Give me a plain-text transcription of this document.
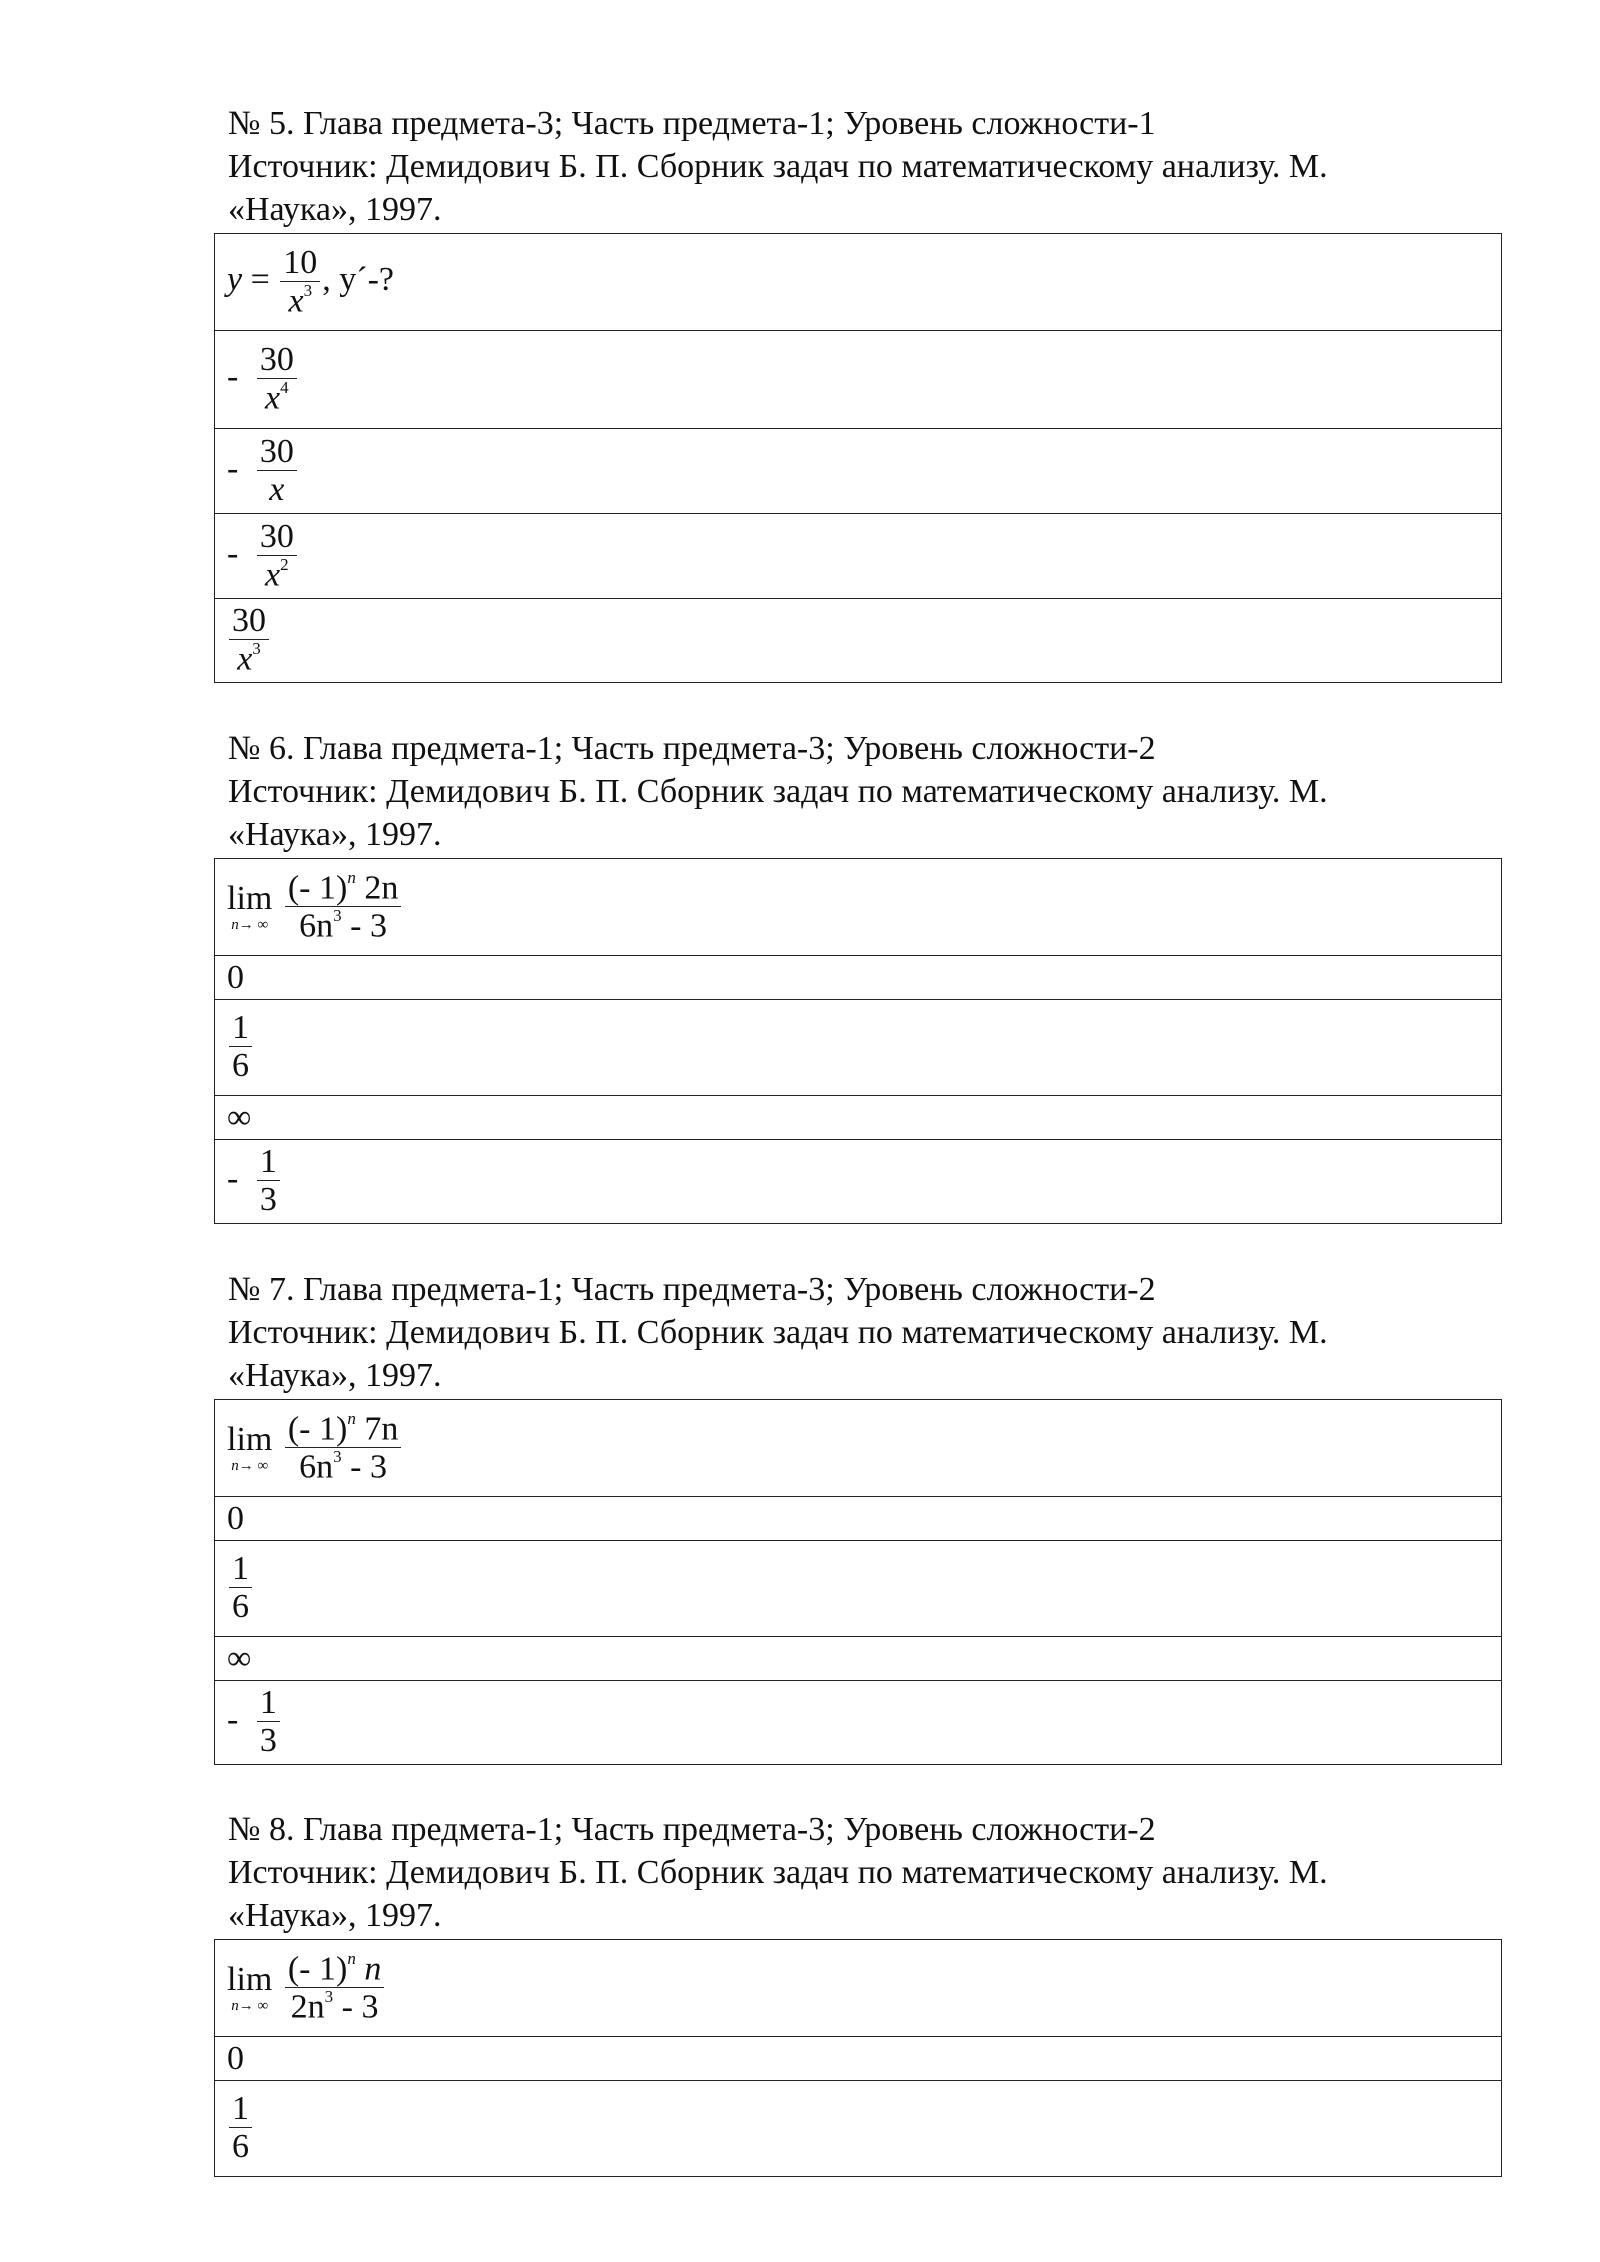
№ 5. Глава предмета-3; Часть предмета-1; Уровень сложности-1
Источник: Демидович Б. П. Сборник задач по математическому анализу. М.
«Наука», 1997.
$y = \frac{10}{x^3}$ , y´-?
- $\frac{30}{x^4}$

- $\frac{30}{x}$

- $\frac{30}{x^2}$

$\frac{30}{x^3}$
№ 6. Глава предмета-1; Часть предмета-3; Уровень сложности-2
Источник: Демидович Б. П. Сборник задач по математическому анализу. М.
«Наука», 1997.
lim
n→ ∞
$\frac{(- 1)^n 2n}{6n^3 - 3}$

0

$\frac{1}{6}$

∞
- $\frac{1}{3}$
№ 7. Глава предмета-1; Часть предмета-3; Уровень сложности-2
Источник: Демидович Б. П. Сборник задач по математическому анализу. М.
«Наука», 1997.
lim
n→ ∞
$\frac{(- 1)^n 7n}{6n^3 - 3}$

0

$\frac{1}{6}$

∞
- $\frac{1}{3}$
№ 8. Глава предмета-1; Часть предмета-3; Уровень сложности-2
Источник: Демидович Б. П. Сборник задач по математическому анализу. М.
«Наука», 1997.
lim
n→ ∞
$\frac{(- 1)^n n}{2n^3 - 3}$

0

$\frac{1}{6}$
